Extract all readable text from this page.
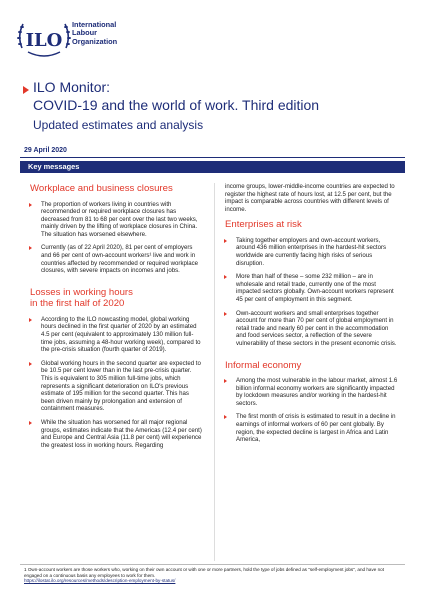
ILO
International
Labour
Organization
ILO Monitor:
COVID-19 and the world of work. Third edition
Updated estimates and analysis
29 April 2020
Key messages
Workplace and business closures
The proportion of workers living in countries with recommended or required workplace closures has decreased from 81 to 68 per cent over the last two weeks, mainly driven by the lifting of workplace closures in China. The situation has worsened elsewhere.
Currently (as of 22 April 2020), 81 per cent of employers and 66 per cent of own-account workers¹ live and work in countries affected by recommended or required workplace closures, with severe impacts on incomes and jobs.
Losses in working hours
in the first half of 2020
According to the ILO nowcasting model, global working hours declined in the first quarter of 2020 by an estimated 4.5 per cent (equivalent to approximately 130 million full-time jobs, assuming a 48-hour working week), compared to the pre-crisis situation (fourth quarter of 2019).
Global working hours in the second quarter are expected to be 10.5 per cent lower than in the last pre-crisis quarter. This is equivalent to 305 million full-time jobs, which represents a significant deterioration on ILO's previous estimate of 195 million for the second quarter. This has been driven mainly by prolongation and extension of containment measures.
While the situation has worsened for all major regional groups, estimates indicate that the Americas (12.4 per cent) and Europe and Central Asia (11.8 per cent) will experience the greatest loss in working hours. Regarding
income groups, lower-middle-income countries are expected to register the highest rate of hours lost, at 12.5 per cent, but the impact is comparable across countries with different levels of income.
Enterprises at risk
Taking together employers and own-account workers, around 436 million enterprises in the hardest-hit sectors worldwide are currently facing high risks of serious disruption.
More than half of these – some 232 million – are in wholesale and retail trade, currently one of the most impacted sectors globally. Own-account workers represent 45 per cent of employment in this segment.
Own-account workers and small enterprises together account for more than 70 per cent of global employment in retail trade and nearly 60 per cent in the accommodation and food services sector, a reflection of the severe vulnerability of these sectors in the present economic crisis.
Informal economy
Among the most vulnerable in the labour market, almost 1.6 billion informal economy workers are significantly impacted by lockdown measures and/or working in the hardest-hit sectors.
The first month of crisis is estimated to result in a decline in earnings of informal workers of 60 per cent globally. By region, the expected decline is largest in Africa and Latin America,
1 Own-account workers are those workers who, working on their own account or with one or more partners, hold the type of jobs defined as "self-employment jobs", and have not engaged on a continuous basis any employees to work for them.
https://ilostat.ilo.org/resources/methods/description-employment-by-status/
